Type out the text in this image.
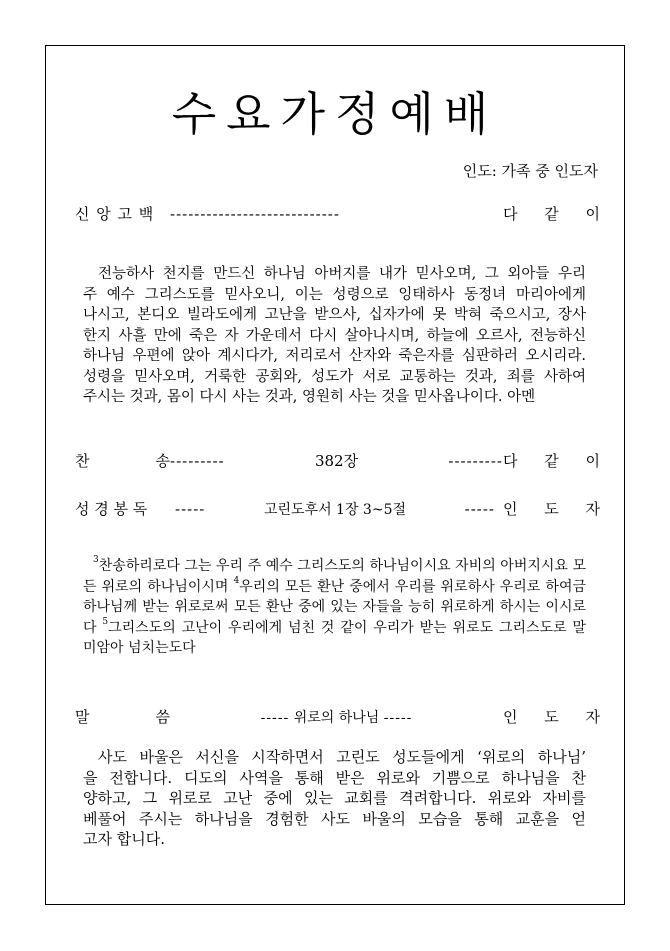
수요가정예배
인도: 가족 중 인도자
신 앙 고 백	----------------------------	다 같 이
전능하사 천지를 만드신 하나님 아버지를 내가 믿사오며, 그 외아들 우리
주 예수 그리스도를 믿사오니, 이는 성령으로 잉태하사 동정녀 마리아에게
나시고, 본디오 빌라도에게 고난을 받으사, 십자가에 못 박혀 죽으시고, 장사
한지 사흘 만에 죽은 자 가운데서 다시 살아나시며, 하늘에 오르사, 전능하신
하나님 우편에 앉아 계시다가, 저리로서 산자와 죽은자를 심판하러 오시리라.
성령을 믿사오며, 거룩한 공회와, 성도가 서로 교통하는 것과, 죄를 사하여
주시는 것과, 몸이 다시 사는 것과, 영원히 사는 것을 믿사옵나이다. 아멘
찬	송 ---------	382장	--------- 다 같 이
성 경 봉 독	-----	고린도후서 1장 3~5절	----- 인 도 자
$^3$찬송하리로다 그는 우리 주 예수 그리스도의 하나님이시요 자비의 아버지시요 모
든 위로의 하나님이시며 $^4$우리의 모든 환난 중에서 우리를 위로하사 우리로 하여금
하나님께 받는 위로로써 모든 환난 중에 있는 자들을 능히 위로하게 하시는 이시로
다 $^5$그리스도의 고난이 우리에게 넘친 것 같이 우리가 받는 위로도 그리스도로 말
미암아 넘치는도다
말	씀	----- 위로의 하나님 -----	인 도 자
사도 바울은 서신을 시작하면서 고린도 성도들에게 ‘위로의 하나님’
을 전합니다. 디도의 사역을 통해 받은 위로와 기쁨으로 하나님을 찬
양하고, 그 위로로 고난 중에 있는 교회를 격려합니다. 위로와 자비를
베풀어 주시는 하나님을 경험한 사도 바울의 모습을 통해 교훈을 얻
고자 합니다.
